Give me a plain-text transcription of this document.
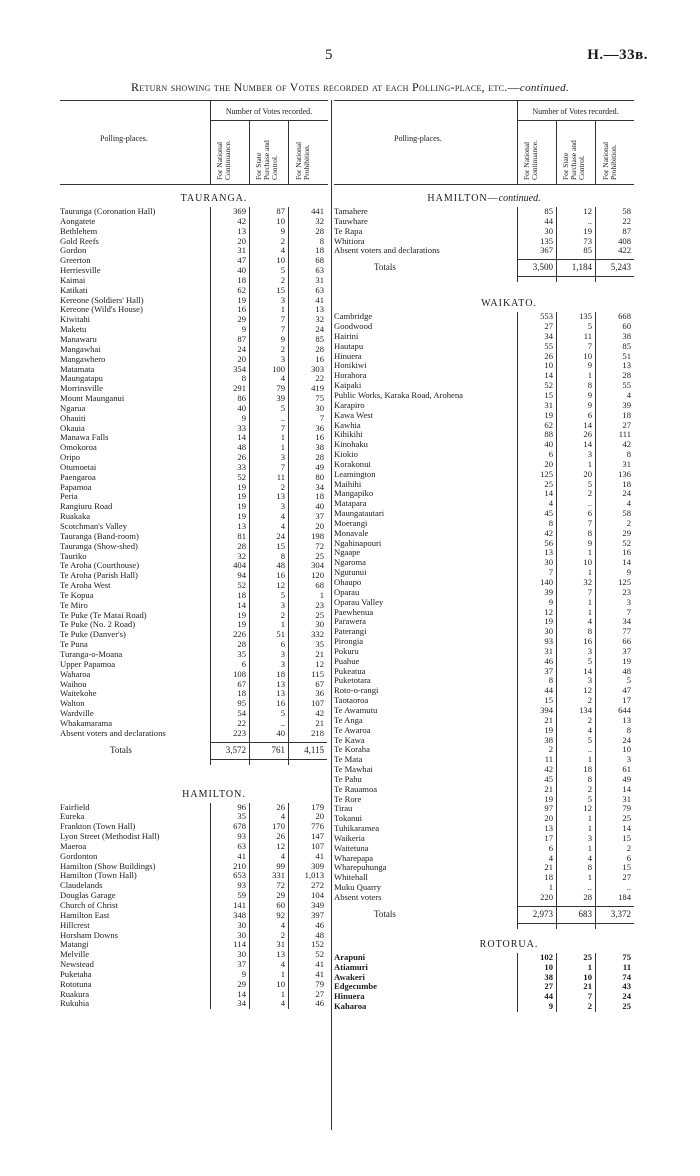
5	H.—33в.
Return showing the Number of Votes recorded at each Polling-place, etc.—continued.
Polling-places.
Number of Votes recorded.
For National Continuance.	For State Purchase and Control.	For National Prohibition.
TAURANGA.
Tauranga (Coronation Hall)	369	87	441
Aongatete	42	10	32
Bethlehem	13	9	28
Gold Reefs	20	2	8
Gordon	31	4	18
Greerton	47	10	68
Herriesville	40	5	63
Kaimai	18	2	31
Katikati	62	15	63
Kereone (Soldiers' Hall)	19	3	41
Kereone (Wild's House)	16	1	13
Kiwitahi	29	7	32
Maketu	9	7	24
Manawaru	87	9	85
Mangawhai	24	2	28
Mangawhero	20	3	16
Matamata	354	100	303
Maungatapu	8	4	22
Morrinsville	291	79	419
Mount Maunganui	86	39	75
Ngarua	40	5	30
Ohauiti	9	..	7
Okauia	33	7	36
Manawa Falls	14	1	16
Omokoroa	48	1	38
Oripo	26	3	28
Otumoetai	33	7	49
Paengaroa	52	11	80
Papamoa	19	2	34
Peria	19	13	18
Rangiuru Road	19	3	40
Ruakaka	19	4	37
Scotchman's Valley	13	4	20
Tauranga (Band-room)	81	24	198
Tauranga (Show-shed)	28	15	72
Tauriko	32	8	25
Te Aroha (Courthouse)	404	48	304
Te Aroha (Parish Hall)	94	16	120
Te Aroha West	52	12	68
Te Kopua	18	5	1
Te Miro	14	3	23
Te Puke (Te Matai Road)	19	2	25
Te Puke (No. 2 Road)	19	1	30
Te Puke (Danver's)	226	51	332
Te Puna	28	6	35
Turanga-o-Moana	35	3	21
Upper Papamoa	6	3	12
Waharoa	108	18	115
Waihou	67	13	67
Waitekohe	18	13	36
Walton	95	16	107
Wardville	54	5	42
Whakamarama	22	..	21
Absent voters and declarations	223	40	218
Totals	3,572	761	4,115
HAMILTON.
Fairfield	96	26	179
Eureka	35	4	20
Frankton (Town Hall)	678	170	776
Lyon Street (Methodist Hall)	93	26	147
Maeroa	63	12	107
Gordonton	41	4	41
Hamilton (Show Buildings)	210	99	309
Hamilton (Town Hall)	653	331	1,013
Claudelands	93	72	272
Douglas Garage	59	29	104
Church of Christ	141	60	349
Hamilton East	348	92	397
Hillcrest	30	4	46
Horsham Downs	30	2	48
Matangi	114	31	152
Melville	30	13	52
Newstead	37	4	41
Puketaha	9	1	41
Rototuna	29	10	79
Ruakura	14	1	27
Rukuhia	34	4	46
Polling-places.
Number of Votes recorded.
For National Continuance.	For State Purchase and Control.	For National Prohibition.
HAMILTON—continued.
Tamahere	85	12	58
Tauwhare	44	..	22
Te Rapa	30	19	87
Whitiora	135	73	408
Absent voters and declarations	367	85	422
Totals	3,500	1,184	5,243
WAIKATO.
Cambridge	553	135	668
Goodwood	27	5	60
Hairini	34	11	38
Hautapu	55	7	85
Hinuera	26	10	51
Honikiwi	10	9	13
Horahora	14	1	28
Kaipaki	52	8	55
Public Works, Karaka Road, Arohena	15	9	4
Karapiro	31	9	39
Kawa West	19	6	18
Kawhia	62	14	27
Kihikihi	88	26	111
Kinohaku	40	14	42
Kiokio	6	3	8
Korakonui	20	1	31
Leamington	125	20	136
Maihihi	25	5	18
Mangapiko	14	2	24
Matapara	4	..	4
Maungatautari	45	6	58
Moerangi	8	7	2
Monavale	42	8	29
Ngahinapouri	56	9	52
Ngaape	13	1	16
Ngaroma	30	10	14
Ngutunui	7	1	9
Ohaupo	140	32	125
Oparau	39	7	23
Oparau Valley	9	1	3
Paewhenua	12	1	7
Parawera	19	4	34
Paterangi	30	8	77
Pirongia	93	16	66
Pokuru	31	3	37
Puahue	46	5	19
Pukeatua	37	14	48
Puketotara	8	3	5
Roto-o-rangi	44	12	47
Taotaoroa	15	2	17
Te Awamutu	394	134	644
Te Anga	21	2	13
Te Awaroa	19	4	8
Te Kawa	38	5	24
Te Koraha	2	..	10
Te Mata	11	1	3
Te Mawhai	42	18	61
Te Pahu	45	8	49
Te Rauamoa	21	2	14
Te Rore	19	5	31
Tirau	97	12	79
Tokanui	20	1	25
Tuhikaramea	13	1	14
Waikeria	17	3	15
Waitetuna	6	1	2
Wharepapa	4	4	6
Wharepuhunga	21	8	15
Whitehall	18	1	27
Muku Quarry	1	..	..
Absent voters	220	28	184
Totals	2,973	683	3,372
ROTORUA.
Arapuni	102	25	75
Atiamuri	10	1	11
Awakeri	38	10	74
Edgecumbe	27	21	43
Hinuera	44	7	24
Kaharoa	9	2	25
